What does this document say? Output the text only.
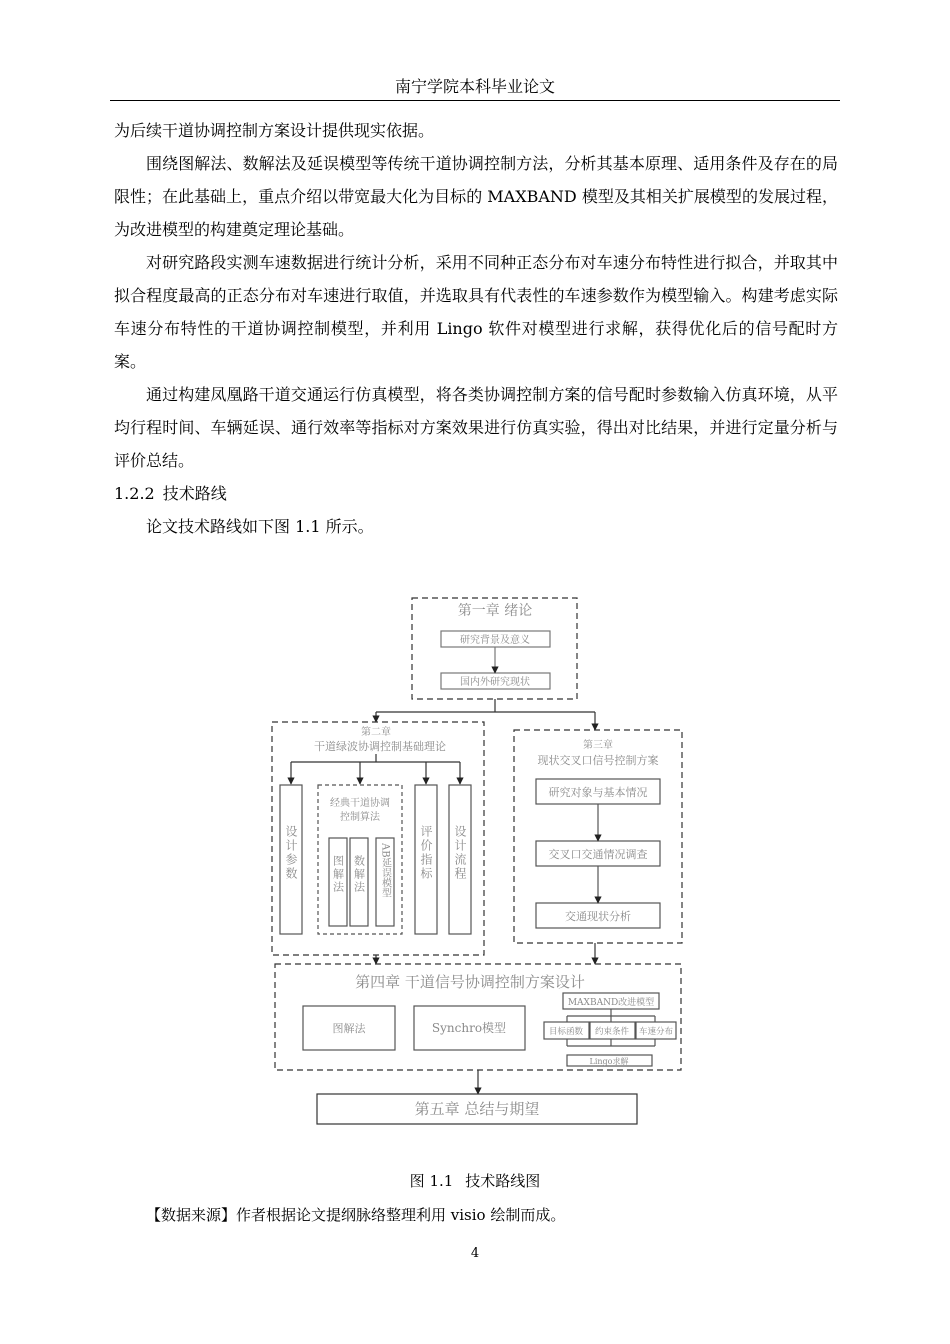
南宁学院本科毕业论文

为后续干道协调控制方案设计提供现实依据。

围绕图解法、数解法及延误模型等传统干道协调控制方法，分析其基本原理、适用条件及存在的局限性；在此基础上，重点介绍以带宽最大化为目标的 MAXBAND 模型及其相关扩展模型的发展过程，为改进模型的构建奠定理论基础。

对研究路段实测车速数据进行统计分析，采用不同种正态分布对车速分布特性进行拟合，并取其中拟合程度最高的正态分布对车速进行取值，并选取具有代表性的车速参数作为模型输入。构建考虑实际车速分布特性的干道协调控制模型，并利用 Lingo 软件对模型进行求解，获得优化后的信号配时方案。

通过构建凤凰路干道交通运行仿真模型，将各类协调控制方案的信号配时参数输入仿真环境，从平均行程时间、车辆延误、通行效率等指标对方案效果进行仿真实验，得出对比结果，并进行定量分析与评价总结。

1.2.2 技术路线

论文技术路线如下图 1.1 所示。

第一章 绪论
研究背景及意义
国内外研究现状
第二章
干道绿波协调控制基础理论
设计参数
经典干道协调
控制算法
图解法 数解法 AB延误模型 评价指标 设计流程
第三章
现状交叉口信号控制方案
研究对象与基本情况
交叉口交通情况调查
交通现状分析
第四章 干道信号协调控制方案设计
图解法	Synchro模型
MAXBAND改进模型
目标函数 约束条件 车速分布
Lingo求解
第五章 总结与期望
图 1.1 技术路线图
【数据来源】作者根据论文提纲脉络整理利用 visio 绘制而成。
4
